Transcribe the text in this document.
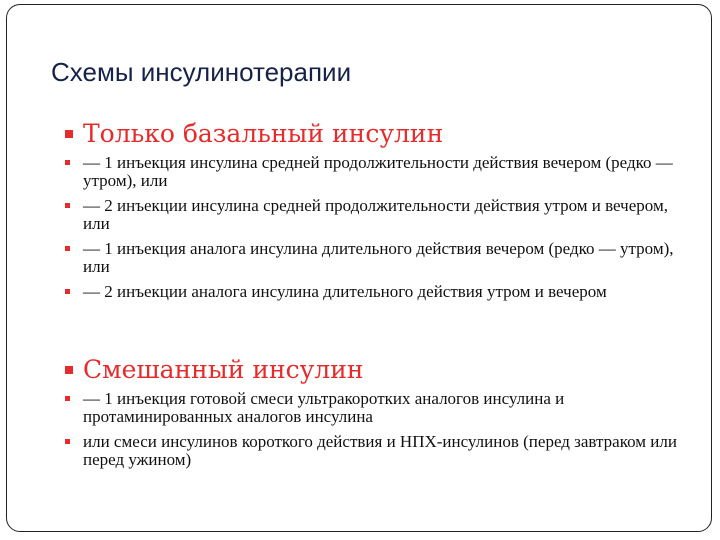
Схемы инсулинотерапии
Только базальный инсулин
— 1 инъекция инсулина средней продолжительности действия вечером (редко — утром), или
— 2 инъекции инсулина средней продолжительности действия утром и вечером, или
— 1 инъекция аналога инсулина длительного действия вечером (редко — утром), или
— 2 инъекции аналога инсулина длительного действия утром и вечером
Смешанный инсулин
— 1 инъекция готовой смеси ультракоротких аналогов инсулина и протаминированных аналогов инсулина
или смеси инсулинов короткого действия и НПХ-инсулинов (перед завтраком или перед ужином)
